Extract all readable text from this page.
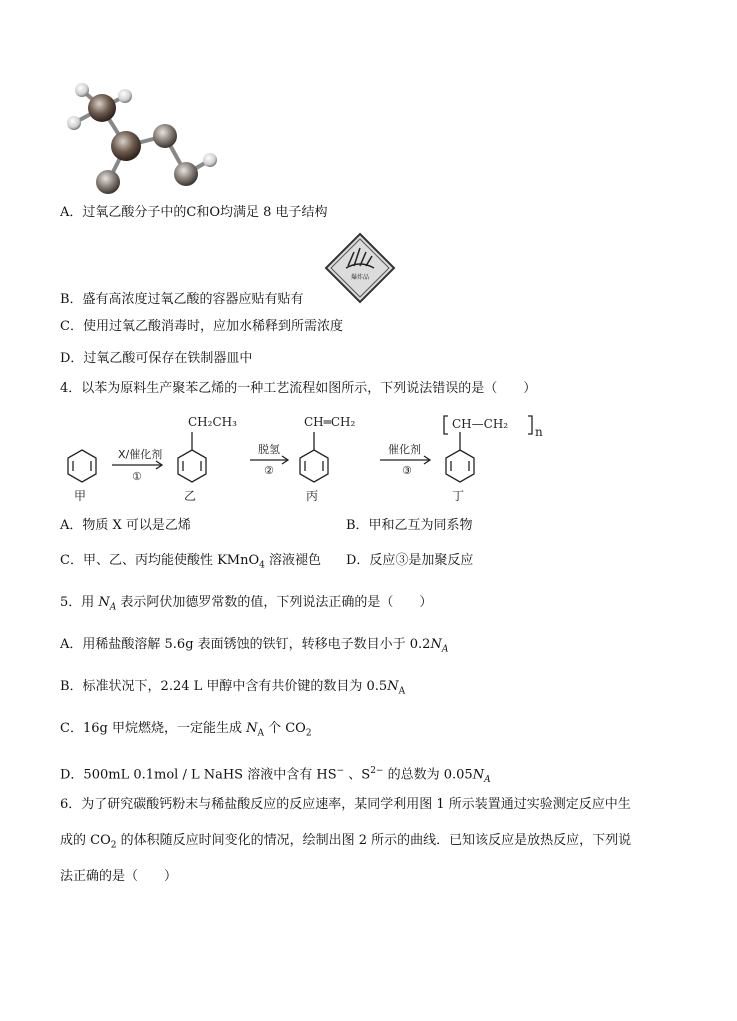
A．过氧乙酸分子中的C和O均满足 8 电子结构
爆炸品
B．盛有高浓度过氧乙酸的容器应贴有贴有
C．使用过氧乙酸消毒时，应加水稀释到所需浓度
D．过氧乙酸可保存在铁制器皿中
4．以苯为原料生产聚苯乙烯的一种工艺流程如图所示，下列说法错误的是（　　）
CH₂CH₃	CH═CH₂	CH—CH₂
n
X/催化剂
①
脱氢
②
催化剂
③
甲	乙	丙	丁
A．物质 X 可以是乙烯	B．甲和乙互为同系物
C．甲、乙、丙均能使酸性 KMnO$_4$ 溶液褪色 D．反应③是加聚反应
5．用 $N_A$ 表示阿伏加德罗常数的值，下列说法正确的是（　　）
A．用稀盐酸溶解 5.6g 表面锈蚀的铁钉，转移电子数目小于 $0.2N_A$
B．标准状况下，2.24 L 甲醇中含有共价键的数目为 $0.5N_A$
C．16g 甲烷燃烧，一定能生成 $N_A$ 个 $CO_2$
D．500mL 0.1mol / L NaHS 溶液中含有 HS− 、$S^{2-}$ 的总数为 $0.05N_A$
6．为了研究碳酸钙粉末与稀盐酸反应的反应速率，某同学利用图 1 所示装置通过实验测定反应中生
成的 $CO_2$ 的体积随反应时间变化的情况，绘制出图 2 所示的曲线．已知该反应是放热反应，下列说
法正确的是（　　）
